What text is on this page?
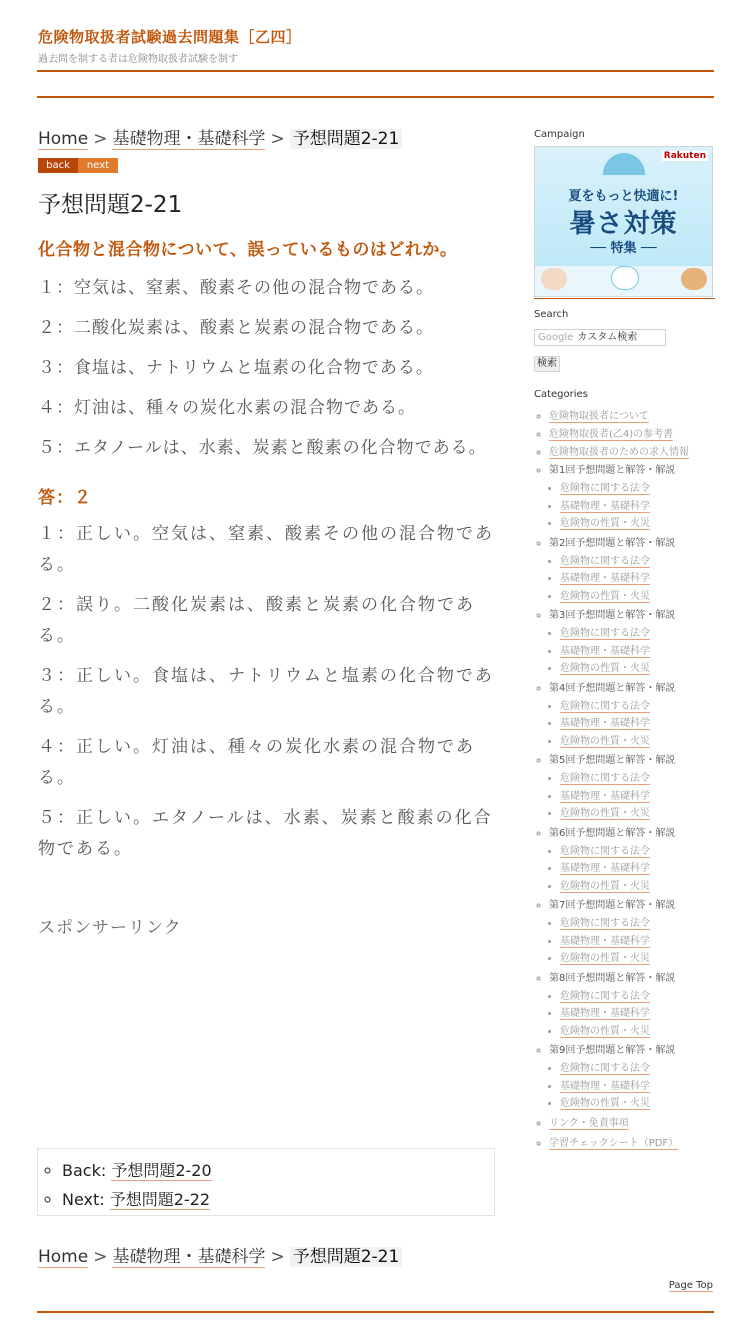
危険物取扱者試験過去問題集［乙四］
過去問を制する者は危険物取扱者試験を制す
Home > 基礎物理・基礎科学 > 予想問題2-21
back	next
予想問題2-21
化合物と混合物について、誤っているものはどれか。
１：空気は、窒素、酸素その他の混合物である。
２：二酸化炭素は、酸素と炭素の混合物である。
３：食塩は、ナトリウムと塩素の化合物である。
４：灯油は、種々の炭化水素の混合物である。
５：エタノールは、水素、炭素と酸素の化合物である。
答：２
１：正しい。空気は、窒素、酸素その他の混合物である。
２：誤り。二酸化炭素は、酸素と炭素の化合物である。
３：正しい。食塩は、ナトリウムと塩素の化合物である。
４：正しい。灯油は、種々の炭化水素の混合物である。
５：正しい。エタノールは、水素、炭素と酸素の化合物である。
スポンサーリンク
◦ Back: 予想問題2-20
◦ Next: 予想問題2-22
Home > 基礎物理・基礎科学 > 予想問題2-21
Page Top
Campaign
Rakuten
夏をもっと快適に!
暑さ対策
── 特集 ──
Search
Google カスタム検索
検索
Categories
◦ 危険物取扱者について
◦ 危険物取扱者(乙4)の参考書
◦ 危険物取扱者のための求人情報
◦ 第1回予想問題と解答・解説
• 危険物に関する法令
• 基礎物理・基礎科学
• 危険物の性質・火災
◦ 第2回予想問題と解答・解説
• 危険物に関する法令
• 基礎物理・基礎科学
• 危険物の性質・火災
◦ 第3回予想問題と解答・解説
• 危険物に関する法令
• 基礎物理・基礎科学
• 危険物の性質・火災
◦ 第4回予想問題と解答・解説
• 危険物に関する法令
• 基礎物理・基礎科学
• 危険物の性質・火災
◦ 第5回予想問題と解答・解説
• 危険物に関する法令
• 基礎物理・基礎科学
• 危険物の性質・火災
◦ 第6回予想問題と解答・解説
• 危険物に関する法令
• 基礎物理・基礎科学
• 危険物の性質・火災
◦ 第7回予想問題と解答・解説
• 危険物に関する法令
• 基礎物理・基礎科学
• 危険物の性質・火災
◦ 第8回予想問題と解答・解説
• 危険物に関する法令
• 基礎物理・基礎科学
• 危険物の性質・火災
◦ 第9回予想問題と解答・解説
• 危険物に関する法令
• 基礎物理・基礎科学
• 危険物の性質・火災
◦ リンク・免責事項
◦ 学習チェックシート（PDF）
